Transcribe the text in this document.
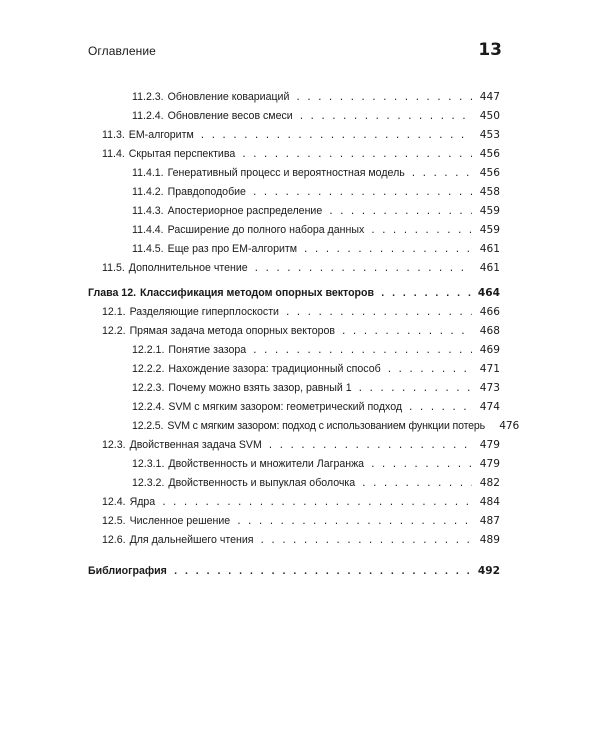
Оглавление	13
11.2.3. Обновление ковариаций . . .	447
11.2.4. Обновление весов смеси . . .	450
11.3. EM-алгоритм . . .	453
11.4. Скрытая перспектива . . .	456
11.4.1. Генеративный процесс и вероятностная модель . . .	456
11.4.2. Правдоподобие . . .	458
11.4.3. Апостериорное распределение . . .	459
11.4.4. Расширение до полного набора данных . . .	459
11.4.5. Еще раз про EM-алгоритм . . .	461
11.5. Дополнительное чтение . . .	461
Глава 12. Классификация методом опорных векторов . . .	464
12.1. Разделяющие гиперплоскости . . .	466
12.2. Прямая задача метода опорных векторов . . .	468
12.2.1. Понятие зазора . . .	469
12.2.2. Нахождение зазора: традиционный способ . . .	471
12.2.3. Почему можно взять зазор, равный 1 . . .	473
12.2.4. SVM с мягким зазором: геометрический подход . . .	474
12.2.5. SVM с мягким зазором: подход с использованием функции потерь	476
12.3. Двойственная задача SVM . . .	479
12.3.1. Двойственность и множители Лагранжа . . .	479
12.3.2. Двойственность и выпуклая оболочка . . .	482
12.4. Ядра . . .	484
12.5. Численное решение . . .	487
12.6. Для дальнейшего чтения . . .	489
Библиография . . .	492
